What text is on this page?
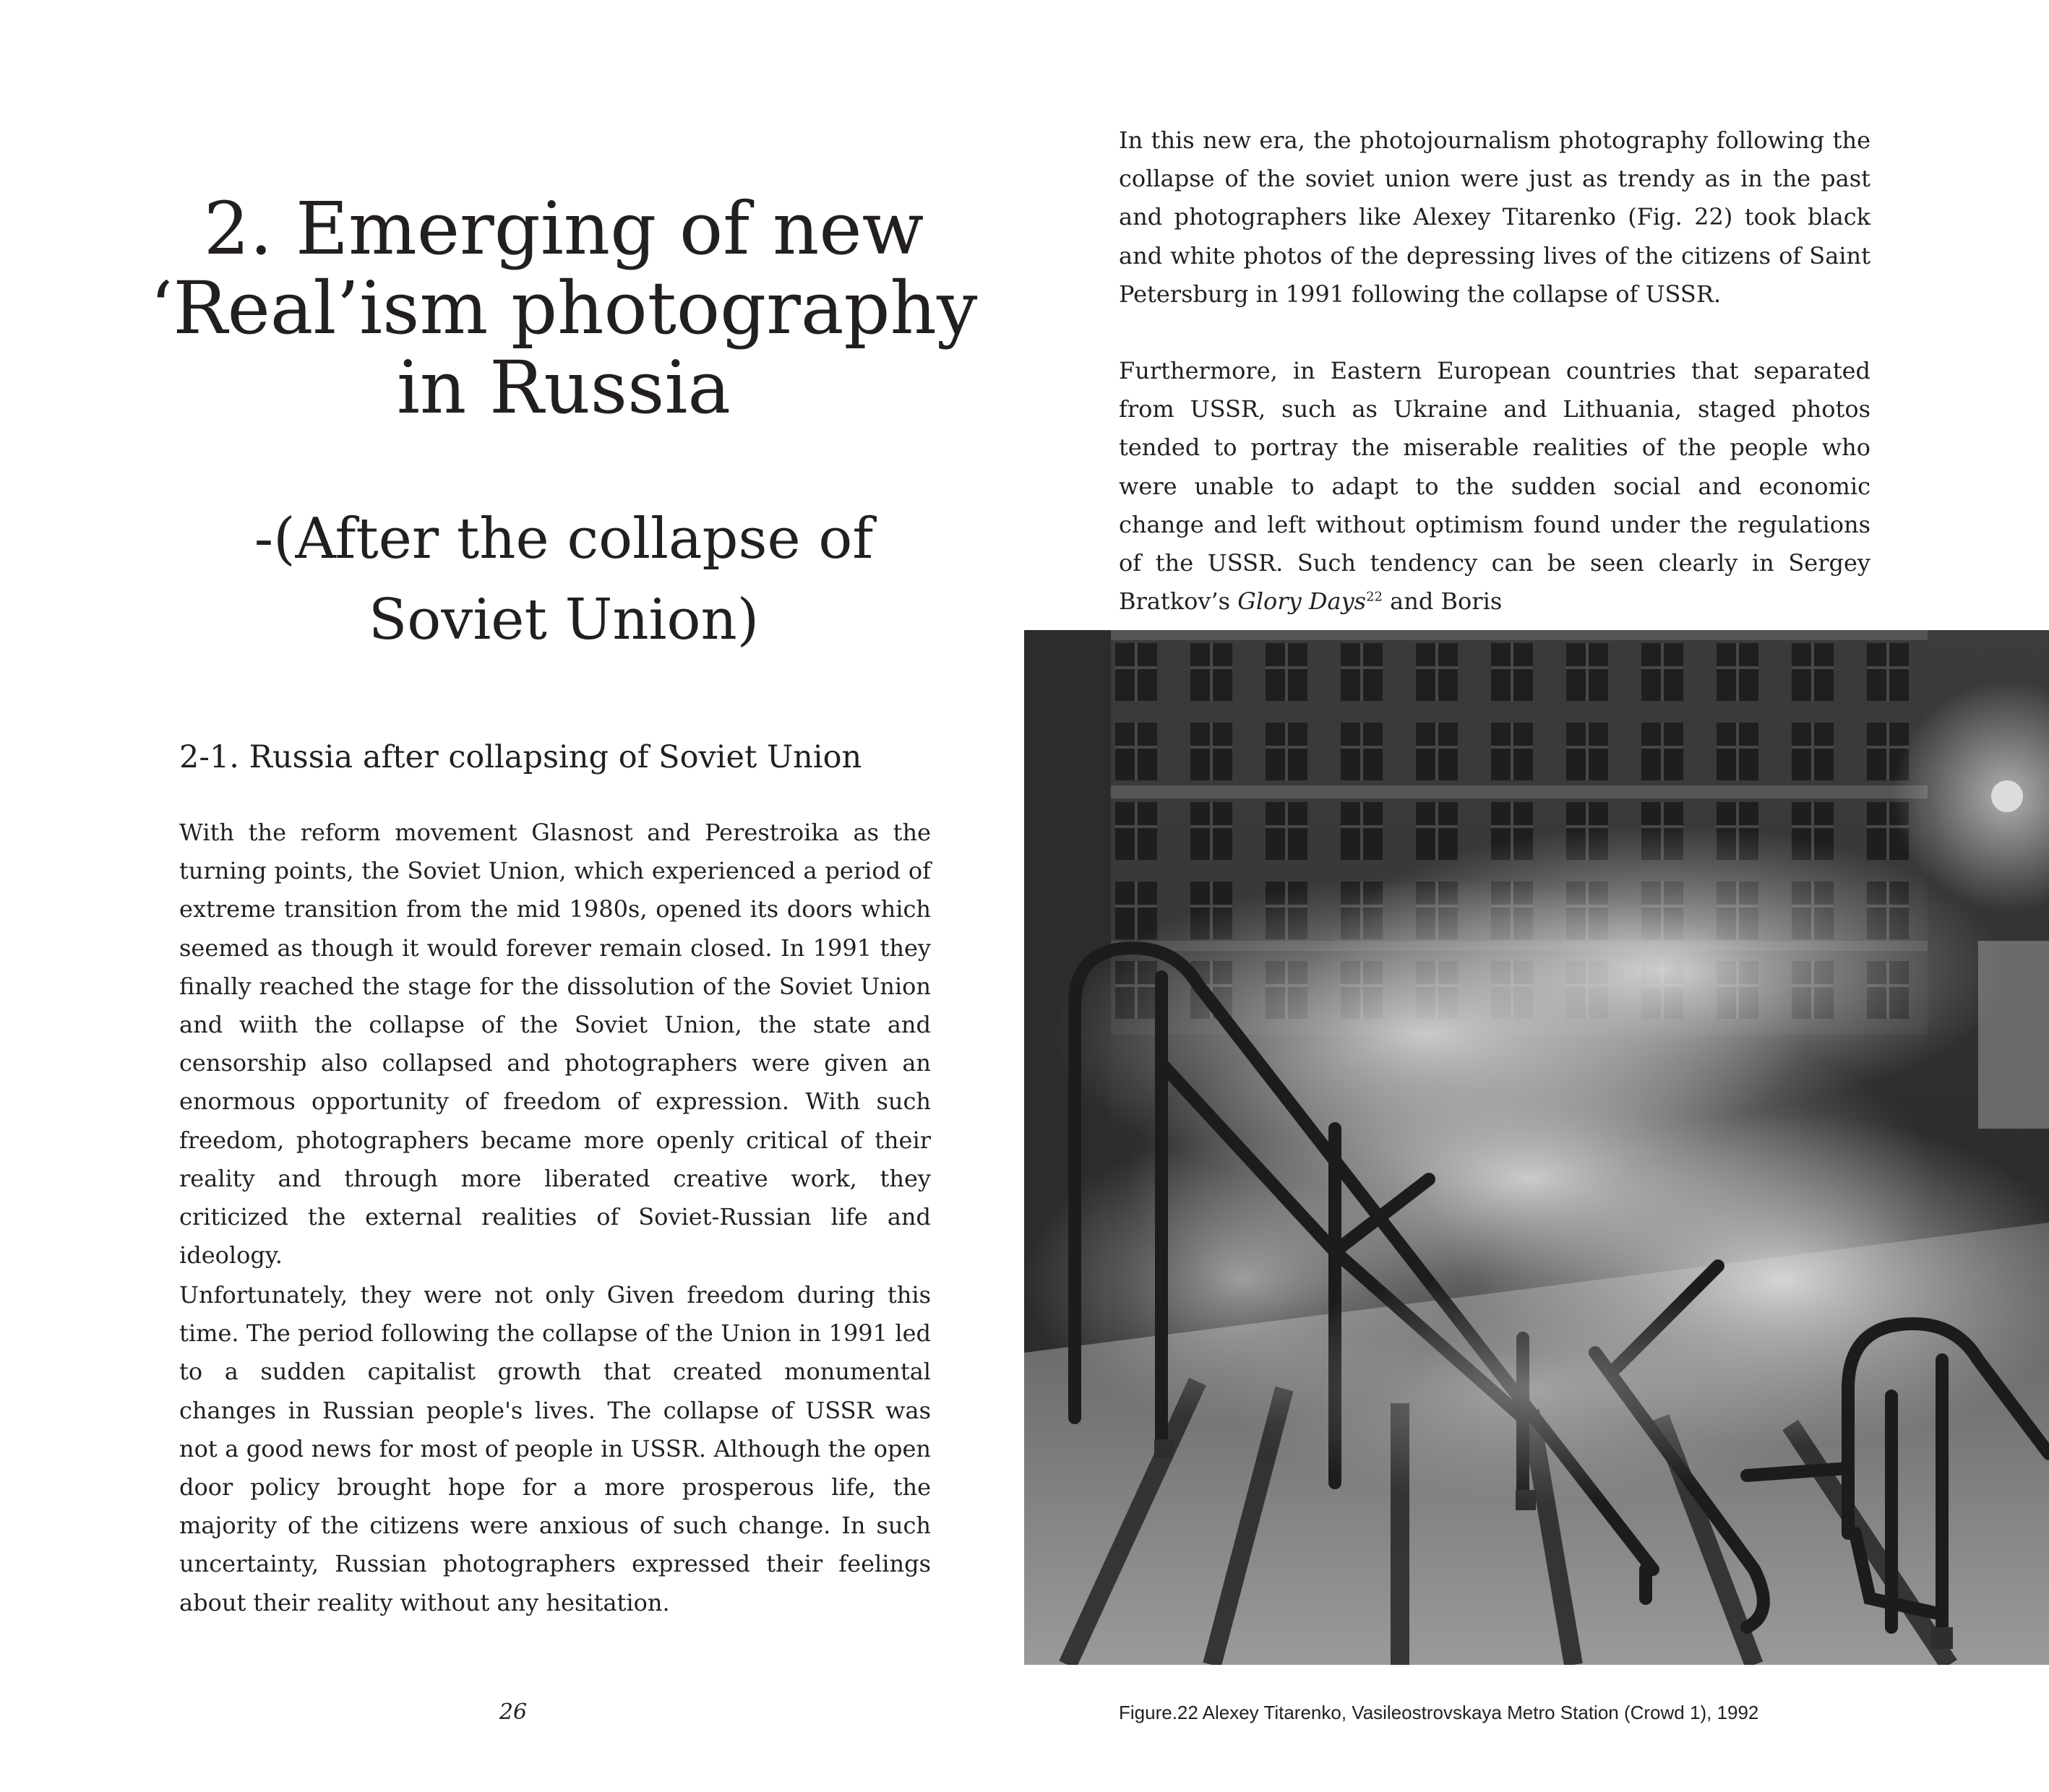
2. Emerging of new
‘Real’ism photography
in Russia
-(After the collapse of
Soviet Union)
2-1. Russia after collapsing of Soviet Union

With the reform movement Glasnost and Perestroika as the turning points, the Soviet Union, which experienced a period of extreme transition from the mid 1980s, opened its doors which seemed as though it would forever remain closed. In 1991 they finally reached the stage for the dissolution of the Soviet Union and wiith the collapse of the Soviet Union, the state and censorship also collapsed and photographers were given an enormous opportunity of freedom of expression. With such freedom, photographers became more openly critical of their reality and through more liberated creative work, they criticized the external realities of Soviet-Russian life and ideology.

Unfortunately, they were not only Given freedom during this time. The period following the collapse of the Union in 1991 led to a sudden capitalist growth that created monumental changes in Russian people's lives. The collapse of USSR was not a good news for most of people in USSR. Although the open door policy brought hope for a more prosperous life, the majority of the citizens were anxious of such change. In such uncertainty, Russian photographers expressed their feelings about their reality without any hesitation.

26

In this new era, the photojournalism photography following the collapse of the soviet union were just as trendy as in the past and photographers like Alexey Titarenko (Fig. 22) took black and white photos of the depressing lives of the citizens of Saint Petersburg in 1991 following the collapse of USSR.

Furthermore, in Eastern European countries that separated from USSR, such as Ukraine and Lithuania, staged photos tended to portray the miserable realities of the people who were unable to adapt to the sudden social and economic change and left without optimism found under the regulations of the USSR. Such tendency can be seen clearly in Sergey Bratkov’s Glory Days$^{22}$ and Boris

Figure.22 Alexey Titarenko, Vasileostrovskaya Metro Station (Crowd 1), 1992
